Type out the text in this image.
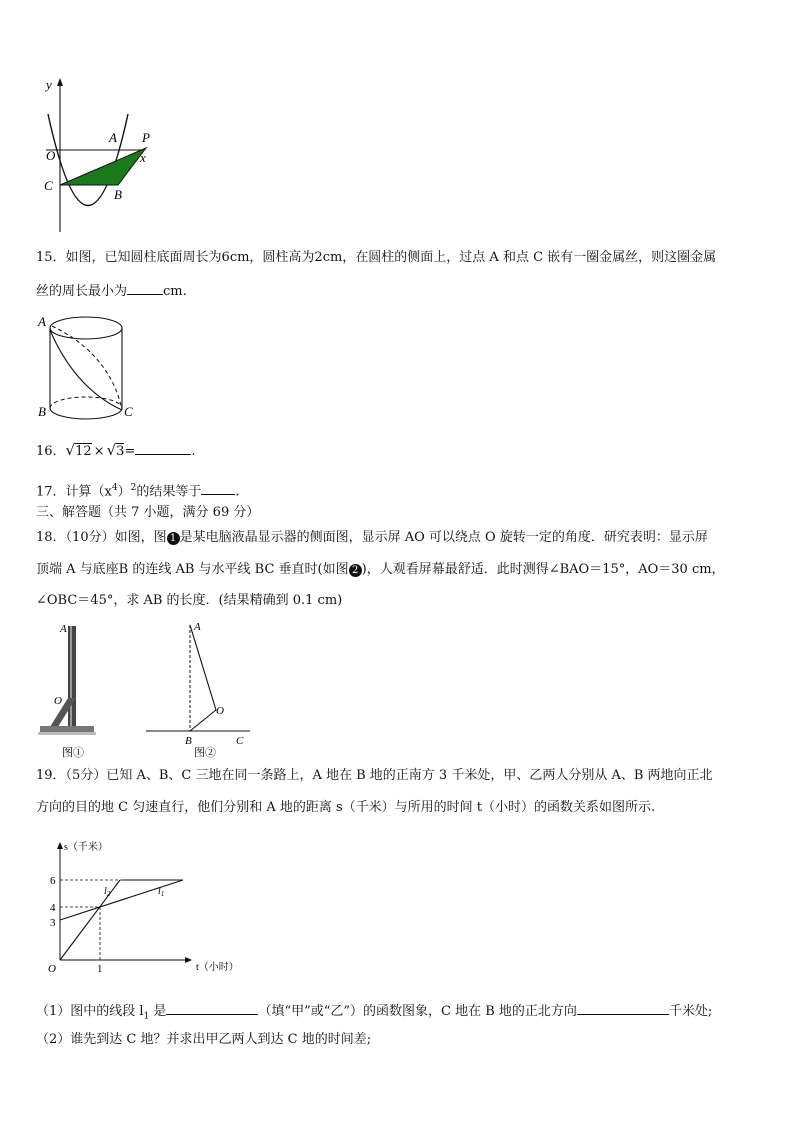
y
O
A P
x
C
B
15．如图，已知圆柱底面周长为6cm，圆柱高为2cm，在圆柱的侧面上，过点 A 和点 C 嵌有一圈金属丝，则这圈金属
丝的周长最小为	cm.
A
B	C
16．√12 × √3=	.
17．计算$(x^4)^2$的结果等于	.
三、解答题（共 7 小题，满分 69 分）
18．（10分）如图，图 1 是某电脑液晶显示器的侧面图，显示屏 AO 可以绕点 O 旋转一定的角度．研究表明：显示屏
顶端 A 与底座B 的连线 AB 与水平线 BC 垂直时(如图 2 )，人观看屏幕最舒适．此时测得∠BAO＝15°，AO＝30 cm，
∠OBC＝45°，求 AB 的长度．(结果精确到 0.1 cm)
A
O
图①
A
O
B	C
图②
19．（5分）已知 A、B、C 三地在同一条路上，A 地在 B 地的正南方 3 千米处，甲、乙两人分别从 A、B 两地向正北
方向的目的地 C 匀速直行，他们分别和 A 地的距离 s（千米）与所用的时间 t（小时）的函数关系如图所示.
s（千米）
t（小时）
6
4
3
O	1
$l_2$	$l_1$
（1）图中的线段 $l_1$ 是	（填“甲”或“乙”）的函数图象，C 地在 B 地的正北方向	千米处;
（2）谁先到达 C 地？并求出甲乙两人到达 C 地的时间差;
